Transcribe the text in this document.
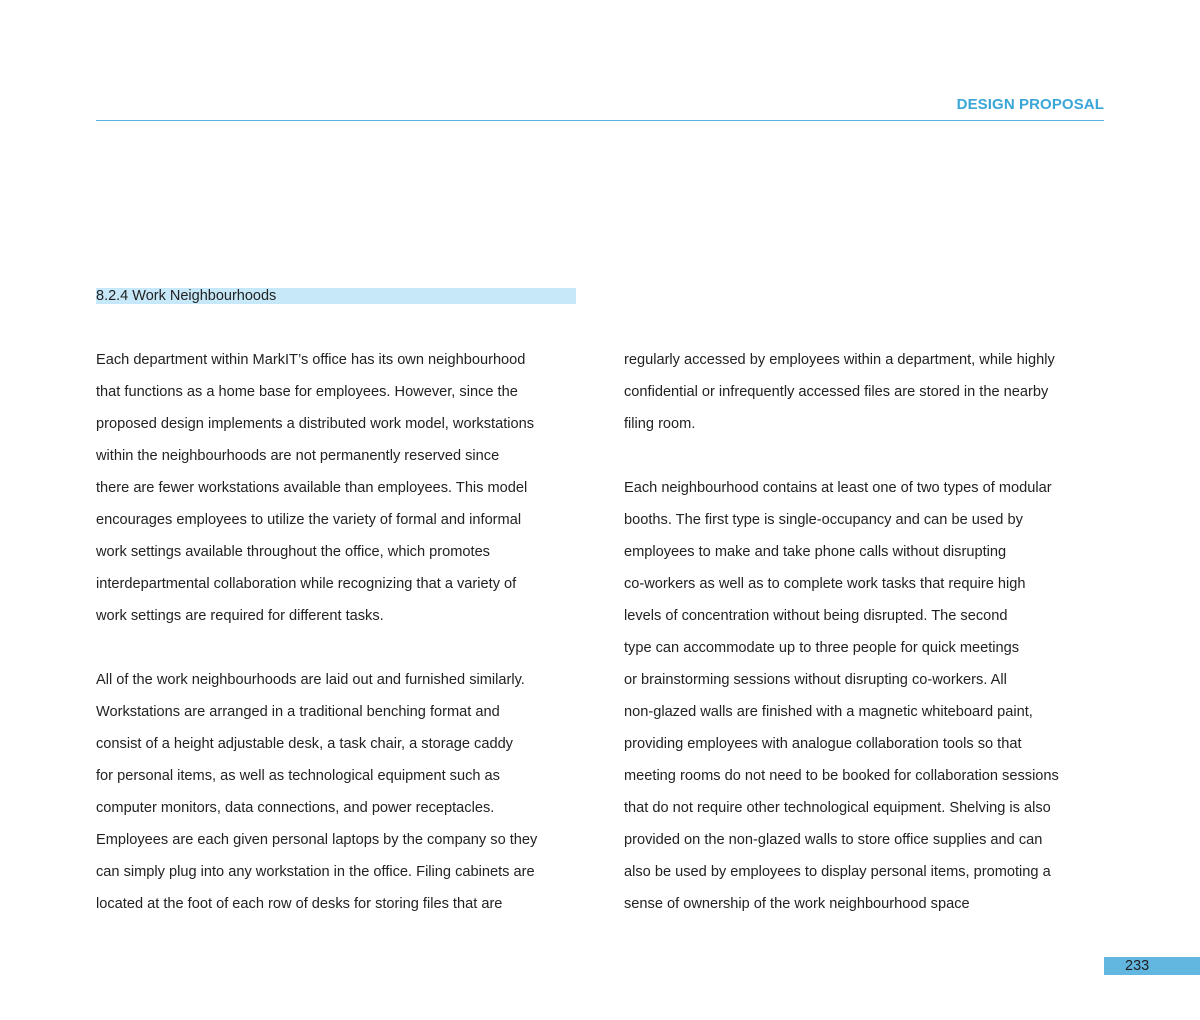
DESIGN PROPOSAL
8.2.4 Work Neighbourhoods
Each department within MarkIT’s office has its own neighbourhood
that functions as a home base for employees. However, since the
proposed design implements a distributed work model, workstations
within the neighbourhoods are not permanently reserved since
there are fewer workstations available than employees. This model
encourages employees to utilize the variety of formal and informal
work settings available throughout the office, which promotes
interdepartmental collaboration while recognizing that a variety of
work settings are required for different tasks.
All of the work neighbourhoods are laid out and furnished similarly.
Workstations are arranged in a traditional benching format and
consist of a height adjustable desk, a task chair, a storage caddy
for personal items, as well as technological equipment such as
computer monitors, data connections, and power receptacles.
Employees are each given personal laptops by the company so they
can simply plug into any workstation in the office. Filing cabinets are
located at the foot of each row of desks for storing files that are
regularly accessed by employees within a department, while highly
confidential or infrequently accessed files are stored in the nearby
filing room.
Each neighbourhood contains at least one of two types of modular
booths. The first type is single-occupancy and can be used by
employees to make and take phone calls without disrupting
co-workers as well as to complete work tasks that require high
levels of concentration without being disrupted. The second
type can accommodate up to three people for quick meetings
or brainstorming sessions without disrupting co-workers. All
non-glazed walls are finished with a magnetic whiteboard paint,
providing employees with analogue collaboration tools so that
meeting rooms do not need to be booked for collaboration sessions
that do not require other technological equipment. Shelving is also
provided on the non-glazed walls to store office supplies and can
also be used by employees to display personal items, promoting a
sense of ownership of the work neighbourhood space
233
